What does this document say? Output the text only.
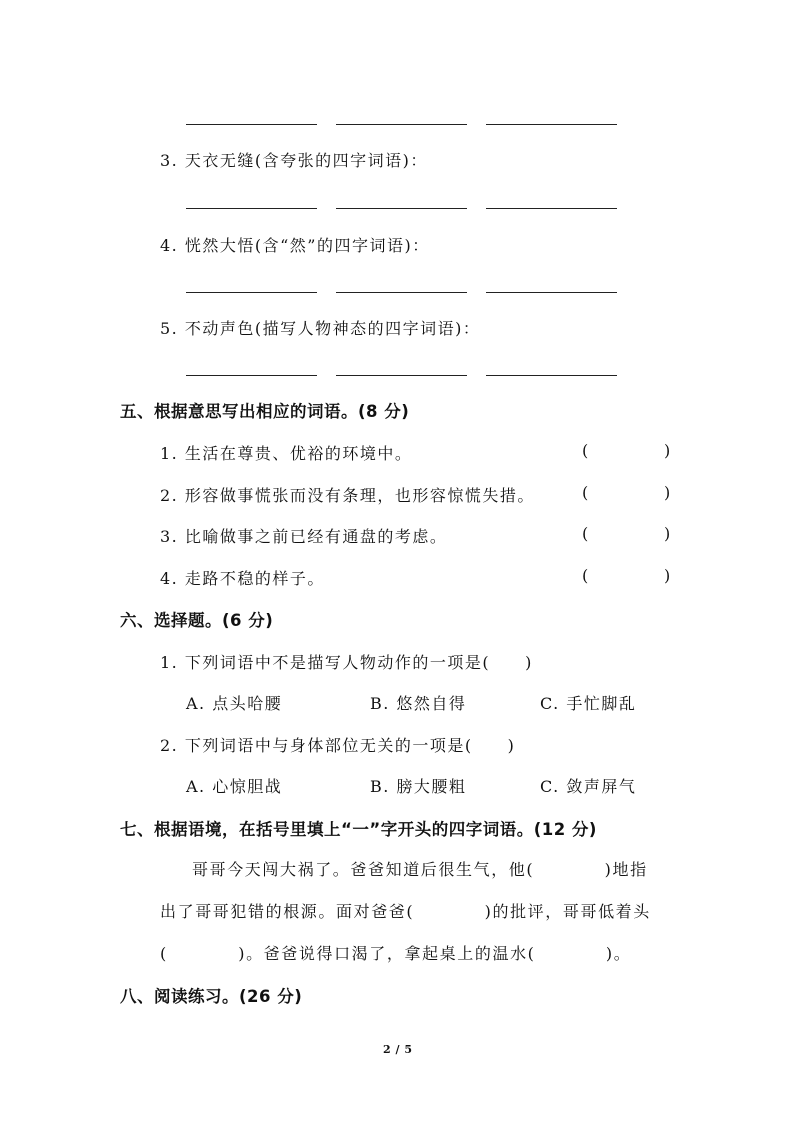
3. 天衣无缝(含夸张的四字词语)：
4. 恍然大悟(含“然”的四字词语)：
5. 不动声色(描写人物神态的四字词语)：
五、根据意思写出相应的词语。(8 分)
1. 生活在尊贵、优裕的环境中。	(	)
2. 形容做事慌张而没有条理，也形容惊慌失措。	(	)
3. 比喻做事之前已经有通盘的考虑。	(	)
4. 走路不稳的样子。	(	)
六、选择题。(6 分)
1. 下列词语中不是描写人物动作的一项是(　　)
A. 点头哈腰	B. 悠然自得	C. 手忙脚乱
2. 下列词语中与身体部位无关的一项是(　　)
A. 心惊胆战	B. 膀大腰粗	C. 敛声屏气
七、根据语境，在括号里填上“一”字开头的四字词语。(12 分)
哥哥今天闯大祸了。爸爸知道后很生气，他(　　　　)地指
出了哥哥犯错的根源。面对爸爸(　　　　)的批评，哥哥低着头
(　　　　)。爸爸说得口渴了，拿起桌上的温水(　　　　)。
八、阅读练习。(26 分)
2 / 5
